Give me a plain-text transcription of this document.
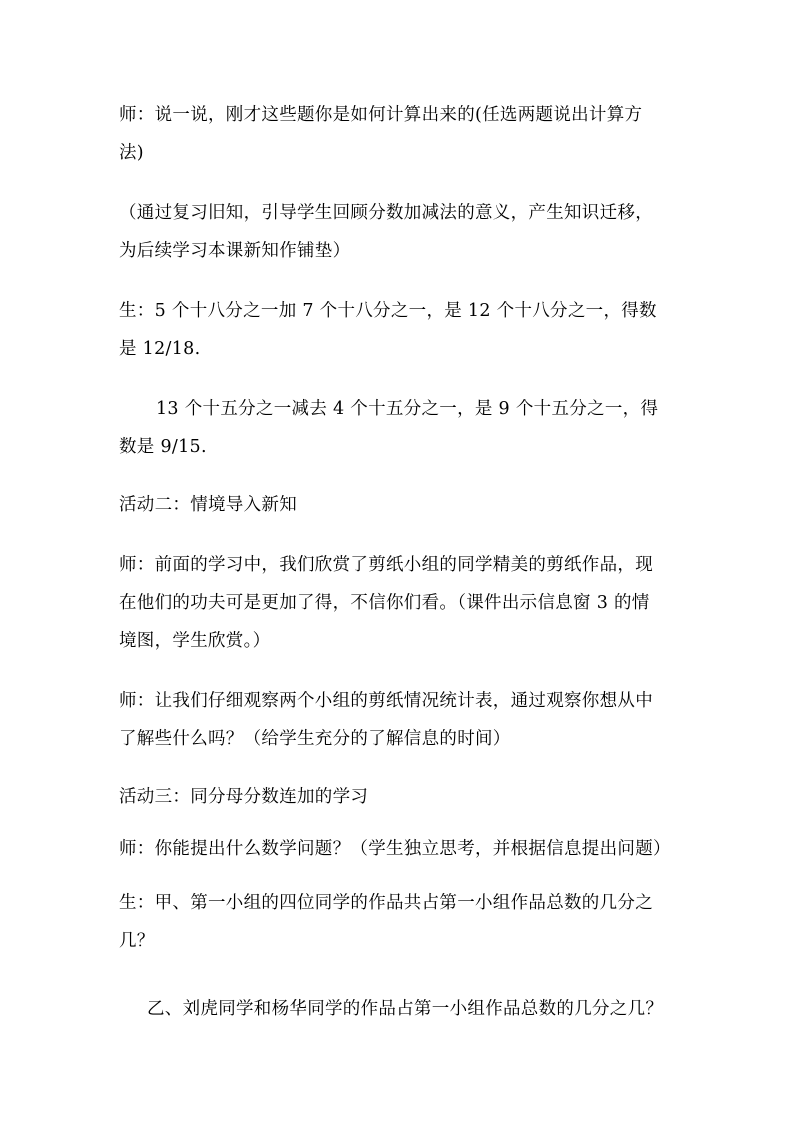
师：说一说，刚才这些题你是如何计算出来的(任选两题说出计算方
法)

（通过复习旧知，引导学生回顾分数加减法的意义，产生知识迁移，
为后续学习本课新知作铺垫）

生：5 个十八分之一加 7 个十八分之一，是 12 个十八分之一，得数
是 12/18.

13 个十五分之一减去 4 个十五分之一，是 9 个十五分之一，得
数是 9/15.

活动二：情境导入新知

师：前面的学习中，我们欣赏了剪纸小组的同学精美的剪纸作品，现
在他们的功夫可是更加了得，不信你们看。（课件出示信息窗 3 的情
境图，学生欣赏。）

师：让我们仔细观察两个小组的剪纸情况统计表，通过观察你想从中
了解些什么吗？（给学生充分的了解信息的时间）

活动三：同分母分数连加的学习

师：你能提出什么数学问题？（学生独立思考，并根据信息提出问题）

生：甲、第一小组的四位同学的作品共占第一小组作品总数的几分之
几？

乙、刘虎同学和杨华同学的作品占第一小组作品总数的几分之几？
